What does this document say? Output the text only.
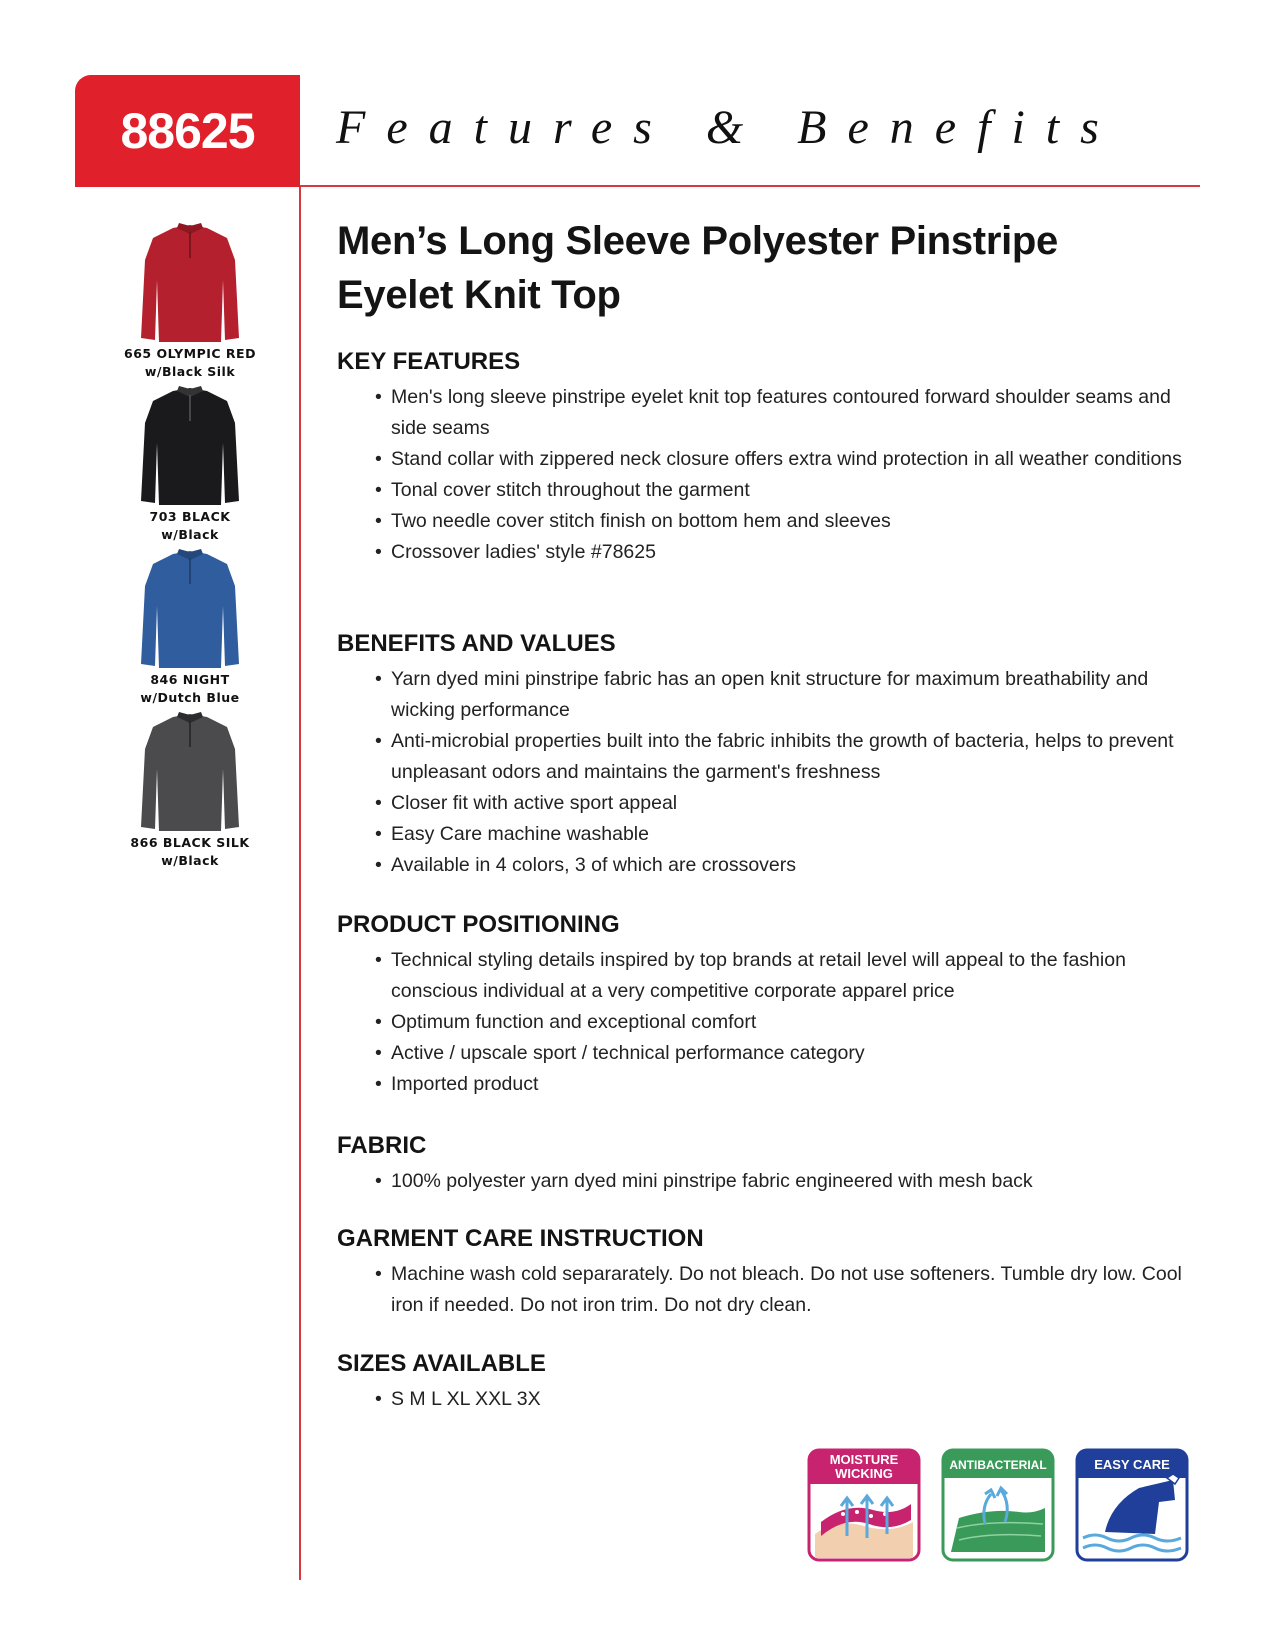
88625 Features & Benefits
665 OLYMPIC RED
w/Black Silk
703 BLACK
w/Black
846 NIGHT
w/Dutch Blue
866 BLACK SILK
w/Black
Men’s Long Sleeve Polyester Pinstripe
Eyelet Knit Top
KEY FEATURES
• Men's long sleeve pinstripe eyelet knit top features contoured forward shoulder seams and side seams
• Stand collar with zippered neck closure offers extra wind protection in all weather conditions
• Tonal cover stitch throughout the garment
• Two needle cover stitch finish on bottom hem and sleeves
• Crossover ladies' style #78625
BENEFITS AND VALUES
• Yarn dyed mini pinstripe fabric has an open knit structure for maximum breathability and wicking performance
• Anti-microbial properties built into the fabric inhibits the growth of bacteria, helps to prevent unpleasant odors and maintains the garment's freshness
• Closer fit with active sport appeal
• Easy Care machine washable
• Available in 4 colors, 3 of which are crossovers
PRODUCT POSITIONING
• Technical styling details inspired by top brands at retail level will appeal to the fashion conscious individual at a very competitive corporate apparel price
• Optimum function and exceptional comfort
• Active / upscale sport / technical performance category
• Imported product
FABRIC
• 100% polyester yarn dyed mini pinstripe fabric engineered with mesh back
GARMENT CARE INSTRUCTION
• Machine wash cold separarately. Do not bleach. Do not use softeners. Tumble dry low. Cool iron if needed. Do not iron trim. Do not dry clean.
SIZES AVAILABLE
• S M L XL XXL 3X
MOISTURE
WICKING
ANTIBACTERIAL	EASY CARE
